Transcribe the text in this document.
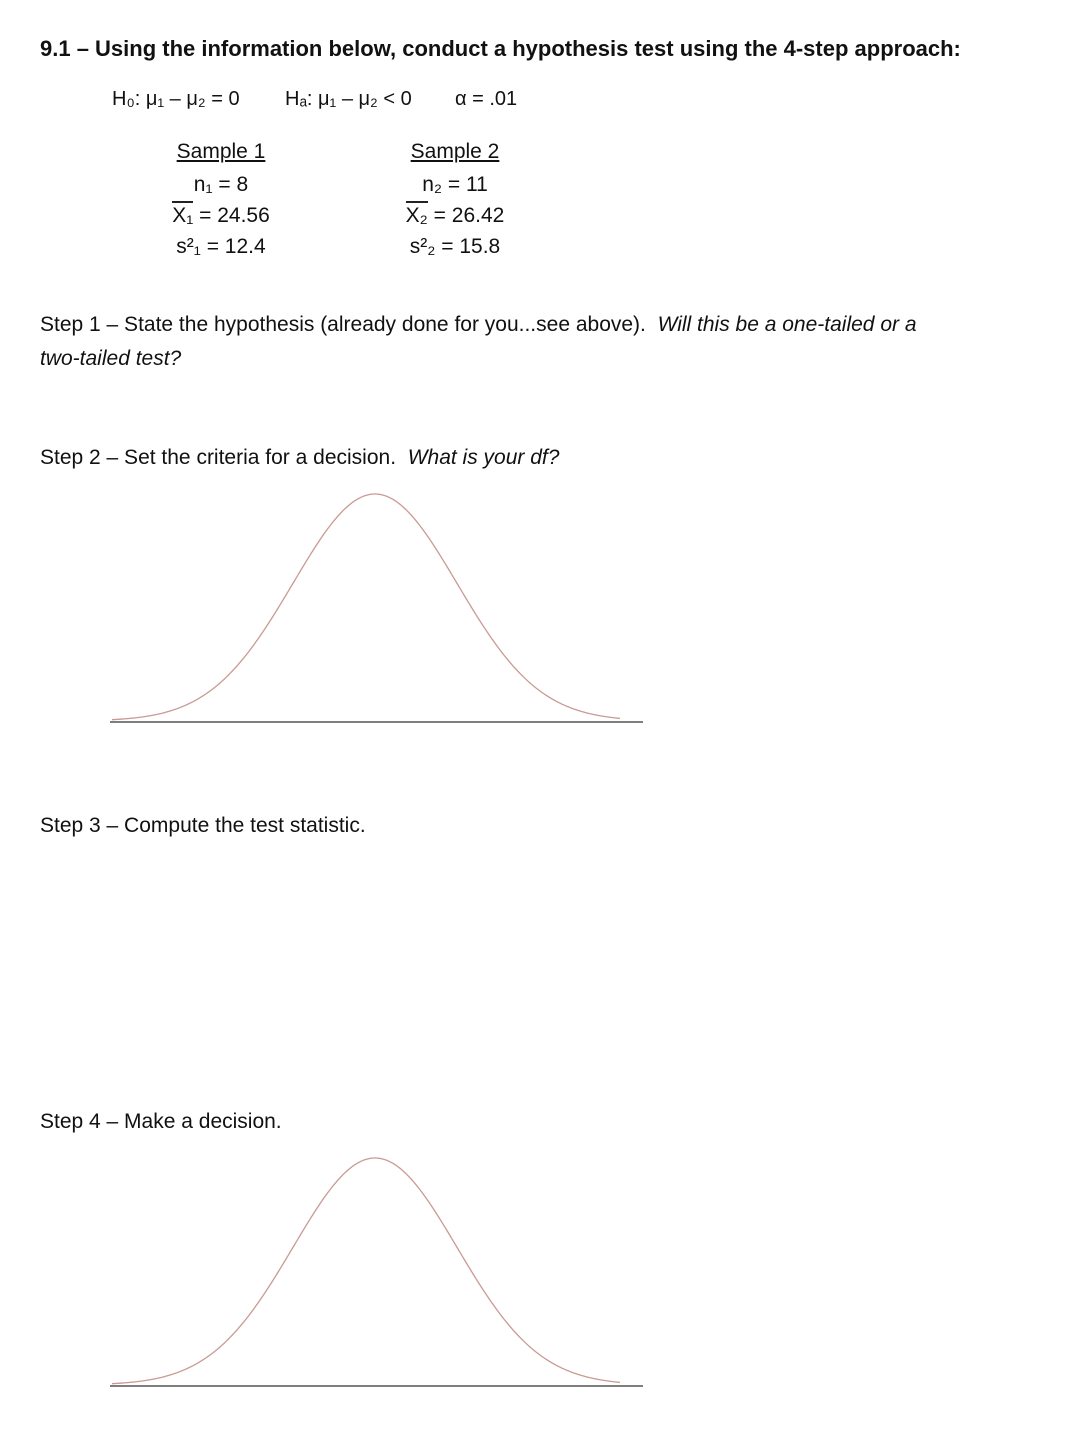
9.1 – Using the information below, conduct a hypothesis test using the 4-step approach:
H₀: μ₁ – μ₂ = 0 Hₐ: μ₁ – μ₂ < 0 α = .01
Sample 1
n₁ = 8
X₁ = 24.56
s²₁ = 12.4
Sample 2
n₂ = 11
X₂ = 26.42
s²₂ = 15.8
Step 1 – State the hypothesis (already done for you...see above). Will this be a one-tailed or a
two-tailed test?
Step 2 – Set the criteria for a decision. What is your df?
Step 3 – Compute the test statistic.
Step 4 – Make a decision.
